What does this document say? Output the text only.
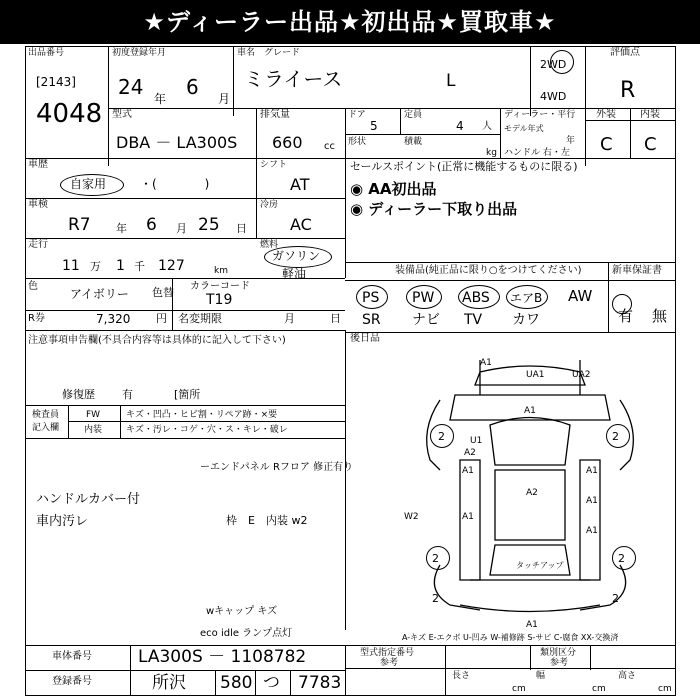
★ディーラー出品★初出品★買取車★
出品番号
[2143]
4048
初度登録年月
24 年 6 月
車名　グレード
ミライース	L
2WD
4WD
評価点
R
型式
DBA － LA300S
排気量
660 cc
ドア
5
定員
4 人
形状	積載
kg
ディーラー・平行
モデル年式
年
ハンドル 右・左
外装 内装
C C
車歴
自家用	・(　　　　)
シフト
AT
車検
R7 年 6 月 25 日
冷房
AC
走行
11 万 1 千 127	km
燃料
ガソリン
軽油
色
アイボリー 色替 カラーコード
T19
R券	7,320 円 名変期限	月	日
セールスポイント(正常に機能するものに限る)
◉ AA初出品
◉ ディーラー下取り出品
装備品(純正品に限り○をつけてください)
PS PW ABS エアB AW
SR ナビ TV カワ
新車保証書
有 無
後日品
注意事項申告欄(不具合内容等は具体的に記入して下さい)
修復歴 有	[箇所
検査員
記入欄
FW	キズ・凹凸・ヒビ割・リペア跡・×要
内装	キズ・汚レ・コゲ・穴・ス・キレ・破レ
ーエンドパネル Rフロア 修正有り
ハンドルカバー付
車内汚レ	枠　E　内装 w2
wキャップ キズ
eco idle ランプ点灯
A1
UA1	UA2
A1
A1	A1
A2
A1
A1
A2
A1
W2
U1
2	2
2	2
2	2
タッチアップ
A1
A-キズ E-エクボ U-凹み W-補修跡 S-サビ C-腐食 XX-交換済
車体番号	LA300S － 1108782
登録番号	所沢 580 つ 7783
型式指定番号
参考
類別区分
参考
長さ
cm
幅
cm
高さ
cm
